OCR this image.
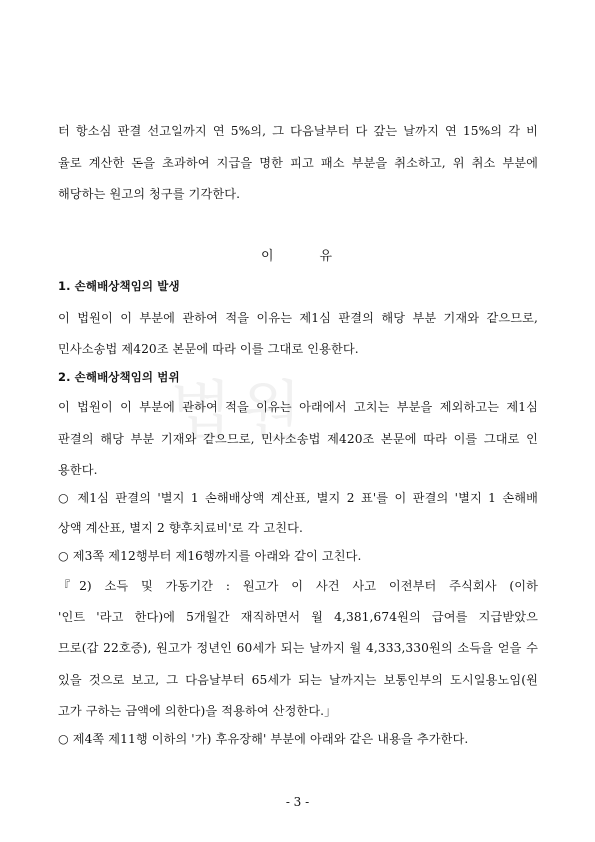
법원
터 항소심 판결 선고일까지 연 5%의, 그 다음날부터 다 갚는 날까지 연 15%의 각 비
율로 계산한 돈을 초과하여 지급을 명한 피고 패소 부분을 취소하고, 위 취소 부분에
해당하는 원고의 청구를 기각한다.
이	유
1. 손해배상책임의 발생
이 법원이 이 부분에 관하여 적을 이유는 제1심 판결의 해당 부분 기재와 같으므로,
민사소송법 제420조 본문에 따라 이를 그대로 인용한다.
2. 손해배상책임의 범위
이 법원이 이 부분에 관하여 적을 이유는 아래에서 고치는 부분을 제외하고는 제1심
판결의 해당 부분 기재와 같으므로, 민사소송법 제420조 본문에 따라 이를 그대로 인
용한다.
○ 제1심 판결의 '별지 1 손해배상액 계산표, 별지 2 표'를 이 판결의 '별지 1 손해배
상액 계산표, 별지 2 향후치료비'로 각 고친다.
○ 제3쪽 제12행부터 제16행까지를 아래와 같이 고친다.
『2) 소득 및 가동기간 : 원고가 이 사건 사고 이전부터 주식회사 (이하
'인트 '라고 한다)에 5개월간 재직하면서 월 4,381,674원의 급여를 지급받았으
므로(갑 22호증), 원고가 정년인 60세가 되는 날까지 월 4,333,330원의 소득을 얻을 수
있을 것으로 보고, 그 다음날부터 65세가 되는 날까지는 보통인부의 도시일용노임(원
고가 구하는 금액에 의한다)을 적용하여 산정한다.」
○ 제4쪽 제11행 이하의 '가) 후유장해' 부분에 아래와 같은 내용을 추가한다.
- 3 -
